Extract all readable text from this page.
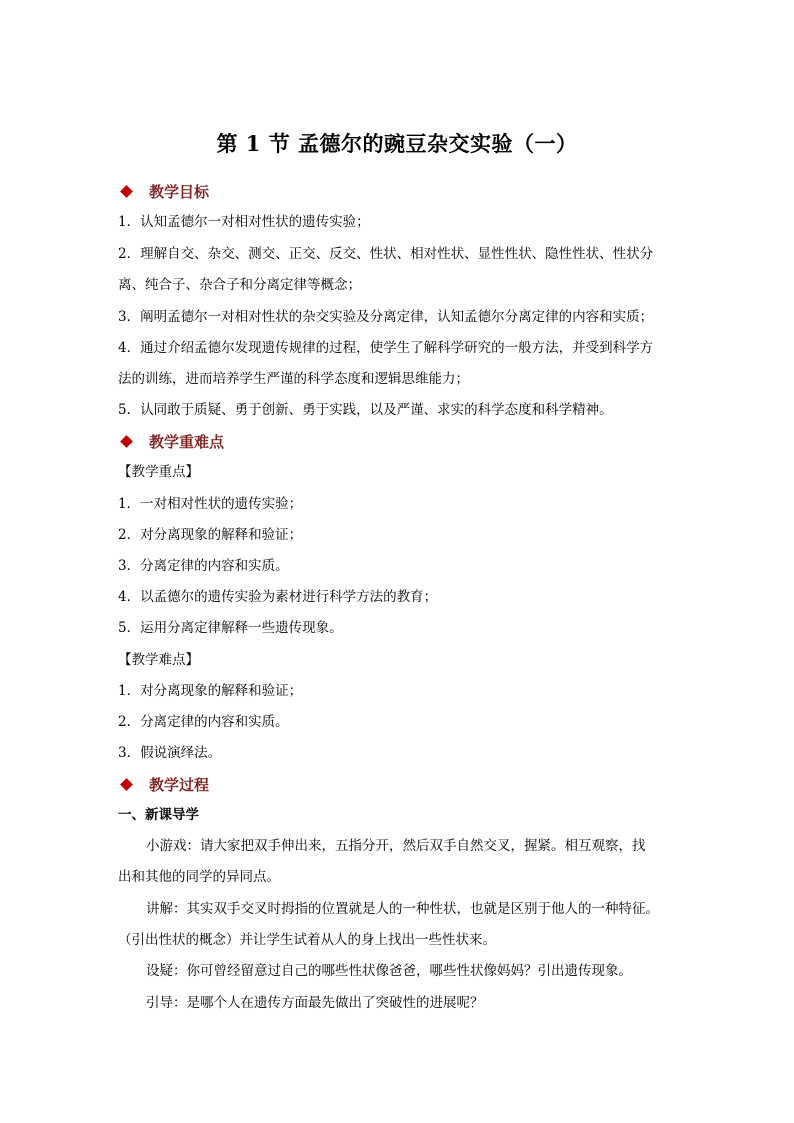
第 1 节 孟德尔的豌豆杂交实验（一）
教学目标
1．认知孟德尔一对相对性状的遗传实验；
2．理解自交、杂交、测交、正交、反交、性状、相对性状、显性性状、隐性性状、性状分
离、纯合子、杂合子和分离定律等概念；
3．阐明孟德尔一对相对性状的杂交实验及分离定律，认知孟德尔分离定律的内容和实质；
4．通过介绍孟德尔发现遗传规律的过程，使学生了解科学研究的一般方法，并受到科学方
法的训练，进而培养学生严谨的科学态度和逻辑思维能力；
5．认同敢于质疑、勇于创新、勇于实践，以及严谨、求实的科学态度和科学精神。
教学重难点
【教学重点】
1．一对相对性状的遗传实验；
2．对分离现象的解释和验证；
3．分离定律的内容和实质。
4．以孟德尔的遗传实验为素材进行科学方法的教育；
5．运用分离定律解释一些遗传现象。
【教学难点】
1．对分离现象的解释和验证；
2．分离定律的内容和实质。
3．假说演绎法。
教学过程
一、新课导学
小游戏：请大家把双手伸出来，五指分开，然后双手自然交叉，握紧。相互观察，找
出和其他的同学的异同点。
讲解：其实双手交叉时拇指的位置就是人的一种性状，也就是区别于他人的一种特征。
（引出性状的概念）并让学生试着从人的身上找出一些性状来。
设疑：你可曾经留意过自己的哪些性状像爸爸，哪些性状像妈妈？引出遗传现象。
引导：是哪个人在遗传方面最先做出了突破性的进展呢？
